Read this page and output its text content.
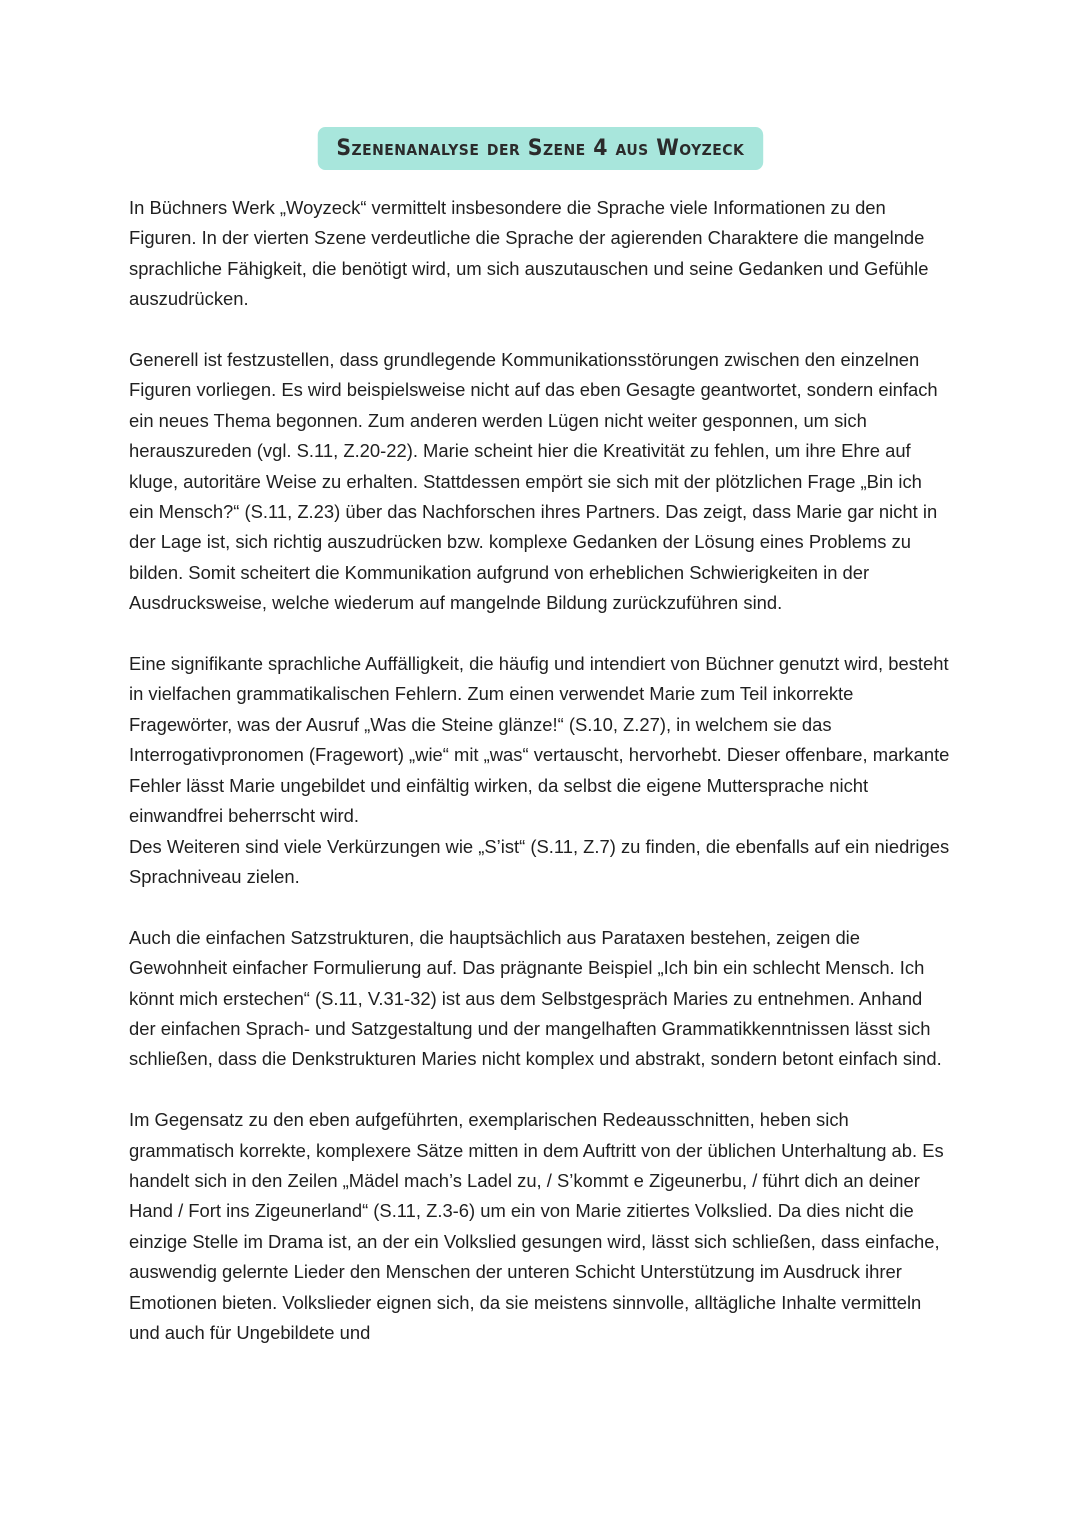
Szenenanalyse der Szene 4 aus Woyzeck

In Büchners Werk „Woyzeck“ vermittelt insbesondere die Sprache viele Informationen zu den Figuren. In der vierten Szene verdeutliche die Sprache der agierenden Charaktere die mangelnde sprachliche Fähigkeit, die benötigt wird, um sich auszutauschen und seine Gedanken und Gefühle auszudrücken.

Generell ist festzustellen, dass grundlegende Kommunikationsstörungen zwischen den einzelnen Figuren vorliegen. Es wird beispielsweise nicht auf das eben Gesagte geantwortet, sondern einfach ein neues Thema begonnen. Zum anderen werden Lügen nicht weiter gesponnen, um sich herauszureden (vgl. S.11, Z.20-22). Marie scheint hier die Kreativität zu fehlen, um ihre Ehre auf kluge, autoritäre Weise zu erhalten. Stattdessen empört sie sich mit der plötzlichen Frage „Bin ich ein Mensch?“ (S.11, Z.23) über das Nachforschen ihres Partners. Das zeigt, dass Marie gar nicht in der Lage ist, sich richtig auszudrücken bzw. komplexe Gedanken der Lösung eines Problems zu bilden. Somit scheitert die Kommunikation aufgrund von erheblichen Schwierigkeiten in der Ausdrucksweise, welche wiederum auf mangelnde Bildung zurückzuführen sind.

Eine signifikante sprachliche Auffälligkeit, die häufig und intendiert von Büchner genutzt wird, besteht in vielfachen grammatikalischen Fehlern. Zum einen verwendet Marie zum Teil inkorrekte Fragewörter, was der Ausruf „Was die Steine glänze!“ (S.10, Z.27), in welchem sie das Interrogativpronomen (Fragewort) „wie“ mit „was“ vertauscht, hervorhebt. Dieser offenbare, markante Fehler lässt Marie ungebildet und einfältig wirken, da selbst die eigene Muttersprache nicht einwandfrei beherrscht wird.

Des Weiteren sind viele Verkürzungen wie „S’ist“ (S.11, Z.7) zu finden, die ebenfalls auf ein niedriges Sprachniveau zielen.

Auch die einfachen Satzstrukturen, die hauptsächlich aus Parataxen bestehen, zeigen die Gewohnheit einfacher Formulierung auf. Das prägnante Beispiel „Ich bin ein schlecht Mensch. Ich könnt mich erstechen“ (S.11, V.31-32) ist aus dem Selbstgespräch Maries zu entnehmen. Anhand der einfachen Sprach- und Satzgestaltung und der mangelhaften Grammatikkenntnissen lässt sich schließen, dass die Denkstrukturen Maries nicht komplex und abstrakt, sondern betont einfach sind.

Im Gegensatz zu den eben aufgeführten, exemplarischen Redeausschnitten, heben sich grammatisch korrekte, komplexere Sätze mitten in dem Auftritt von der üblichen Unterhaltung ab. Es handelt sich in den Zeilen „Mädel mach’s Ladel zu, / S’kommt e Zigeunerbu, / führt dich an deiner Hand / Fort ins Zigeunerland“ (S.11, Z.3-6) um ein von Marie zitiertes Volkslied. Da dies nicht die einzige Stelle im Drama ist, an der ein Volkslied gesungen wird, lässt sich schließen, dass einfache, auswendig gelernte Lieder den Menschen der unteren Schicht Unterstützung im Ausdruck ihrer Emotionen bieten. Volkslieder eignen sich, da sie meistens sinnvolle, alltägliche Inhalte vermitteln und auch für Ungebildete und
